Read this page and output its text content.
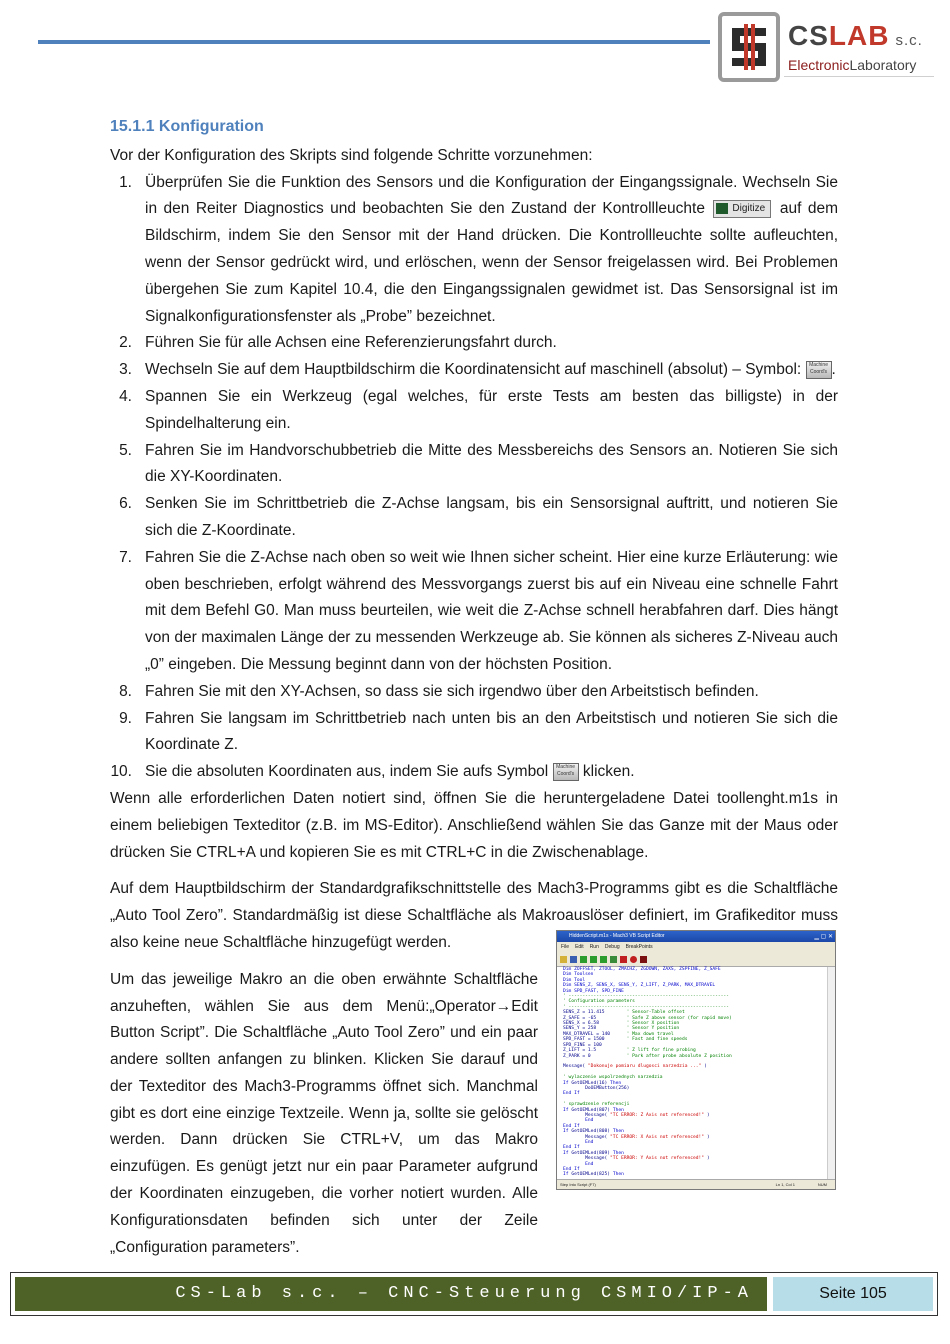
CSLAB s.c.
ElectronicLaboratory
15.1.1 Konfiguration
Vor der Konfiguration des Skripts sind folgende Schritte vorzunehmen:
1. Überprüfen Sie die Funktion des Sensors und die Konfiguration der Eingangssignale. Wechseln Sie in den Reiter Diagnostics und beobachten Sie den Zustand der Kontrollleuchte	Digitize auf dem Bildschirm, indem Sie den Sensor mit der Hand drücken. Die Kontrollleuchte sollte aufleuchten, wenn der Sensor gedrückt wird, und erlöschen, wenn der Sensor freigelassen wird. Bei Problemen übergehen Sie zum Kapitel 10.4, die den Eingangssignalen gewidmet ist. Das Sensorsignal ist im Signalkonfigurationsfenster als „Probe” bezeichnet.
2. Führen Sie für alle Achsen eine Referenzierungsfahrt durch.
3. Wechseln Sie auf dem Hauptbildschirm die Koordinatensicht auf maschinell (absolut) – Symbol: Machine Coord's .
4. Spannen Sie ein Werkzeug (egal welches, für erste Tests am besten das billigste) in der Spindelhalterung ein.
5. Fahren Sie im Handvorschubbetrieb die Mitte des Messbereichs des Sensors an. Notieren Sie sich die XY-Koordinaten.
6. Senken Sie im Schrittbetrieb die Z-Achse langsam, bis ein Sensorsignal auftritt, und notieren Sie sich die Z-Koordinate.
7. Fahren Sie die Z-Achse nach oben so weit wie Ihnen sicher scheint. Hier eine kurze Erläuterung: wie oben beschrieben, erfolgt während des Messvorgangs zuerst bis auf ein Niveau eine schnelle Fahrt mit dem Befehl G0. Man muss beurteilen, wie weit die Z-Achse schnell herabfahren darf. Dies hängt von der maximalen Länge der zu messenden Werkzeuge ab. Sie können als sicheres Z-Niveau auch „0” eingeben. Die Messung beginnt dann von der höchsten Position.
8. Fahren Sie mit den XY-Achsen, so dass sie sich irgendwo über den Arbeitstisch befinden.
9. Fahren Sie langsam im Schrittbetrieb nach unten bis an den Arbeitstisch und notieren Sie sich die Koordinate Z.
10. Sie die absoluten Koordinaten aus, indem Sie aufs Symbol Machine Coord's klicken.
Wenn alle erforderlichen Daten notiert sind, öffnen Sie die heruntergeladene Datei toollenght.m1s in einem beliebigen Texteditor (z.B. im MS-Editor). Anschließend wählen Sie das Ganze mit der Maus oder drücken Sie CTRL+A und kopieren Sie es mit CTRL+C in die Zwischenablage.
Auf dem Hauptbildschirm der Standardgrafikschnittstelle des Mach3-Programms gibt es die Schaltfläche „Auto Tool Zero”. Standardmäßig ist diese Schaltfläche als Makroauslöser definiert, im Grafikeditor muss also keine neue Schaltfläche hinzugefügt werden.
Um das jeweilige Makro an die oben erwähnte Schaltfläche anzuheften, wählen Sie aus dem Menü:„Operator→Edit Button Script”. Die Schaltfläche „Auto Tool Zero” und ein paar andere sollten anfangen zu blinken. Klicken Sie darauf und der Texteditor des Mach3-Programms öffnet sich. Manchmal gibt es dort eine einzige Textzeile. Wenn ja, sollte sie gelöscht werden. Dann drücken Sie CTRL+V, um das Makro einzufügen. Es genügt jetzt nur ein paar Parameter aufgrund der Koordinaten einzugeben, die vorher notiert wurden. Alle Konfigurationsdaten befinden sich unter der Zeile „Configuration parameters”.
HiddenScript.m1s - Mach3 VB Script Editor	▁ ▢ ✕
File Edit Run Debug BreakPoints
Dim ZOFFSET, ZTOOL, ZMACHZ, ZGDOWN, ZAXS, ZSPFINE, Z_SAFE
Dim Toolsen
Dim Tool
Dim SENS_Z, SENS_X, SENS_Y, Z_LIFT, Z_PARK, MAX_DTRAVEL
Dim SPD_FAST, SPD_FINE
' ----------------------------------------------------------
' Configuration parameters
' ----------------------------------------------------------
SENS_Z = 11.415	' Sensor-Table offset
Z_SAFE = -65	' Safe Z above sensor (for rapid move)
SENS_X = 6.58	' Sensor X position
SENS_Y = 258	' Sensor Y position
MAX_DTRAVEL = 140	' Max down travel
SPD_FAST = 1500	' Fast and fine speeds
SPD_FINE = 100
Z_LIFT = 1.5	' Z lift for fine probing
Z_PARK = 0	' Park after probe absolute Z position

Message( "Dokonuje pomiaru dlugosci narzedzia ..." )

' wylaczenie wspolrzednych narzedzia
If GetOEMLed(16) Then
DoOEMButton(256)
End If

' sprawdzenie referencji
If GetOEMLed(807) Then
Message( "TC ERROR: Z Axis not referenced!" )
End
End If
If GetOEMLed(808) Then
Message( "TC ERROR: X Axis not referenced!" )
End
End If
If GetOEMLed(809) Then
Message( "TC ERROR: Y Axis not referenced!" )
End
End If
If GetOEMLed(825) Then
Step Into Script (F7)	Ln 1, Col 1	NUM
CS-Lab s.c. – CNC-Steuerung CSMIO/IP-A	Seite 105
